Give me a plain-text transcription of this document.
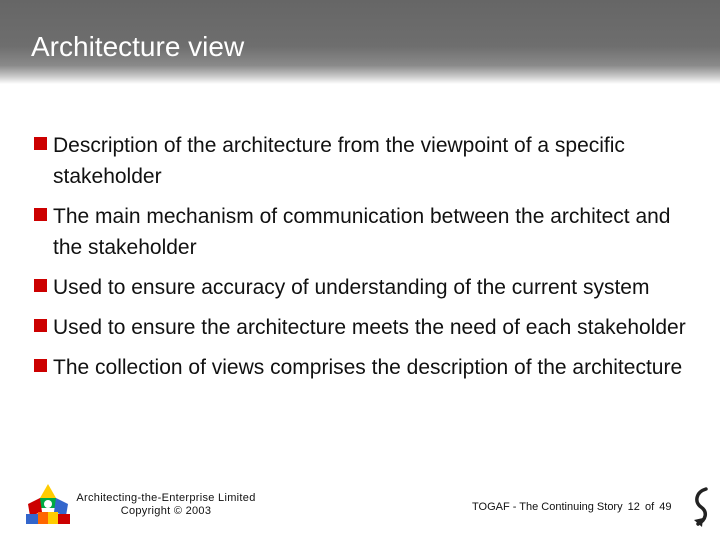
Architecture view
Description of the architecture from the viewpoint of a specific stakeholder
The main mechanism of communication between the architect and the stakeholder
Used to ensure accuracy of understanding of the current system
Used to ensure the architecture meets the need of each stakeholder
The collection of views comprises the description of the architecture
Architecting-the-Enterprise Limited
Copyright © 2003	TOGAF - The Continuing Story 12 of 49
